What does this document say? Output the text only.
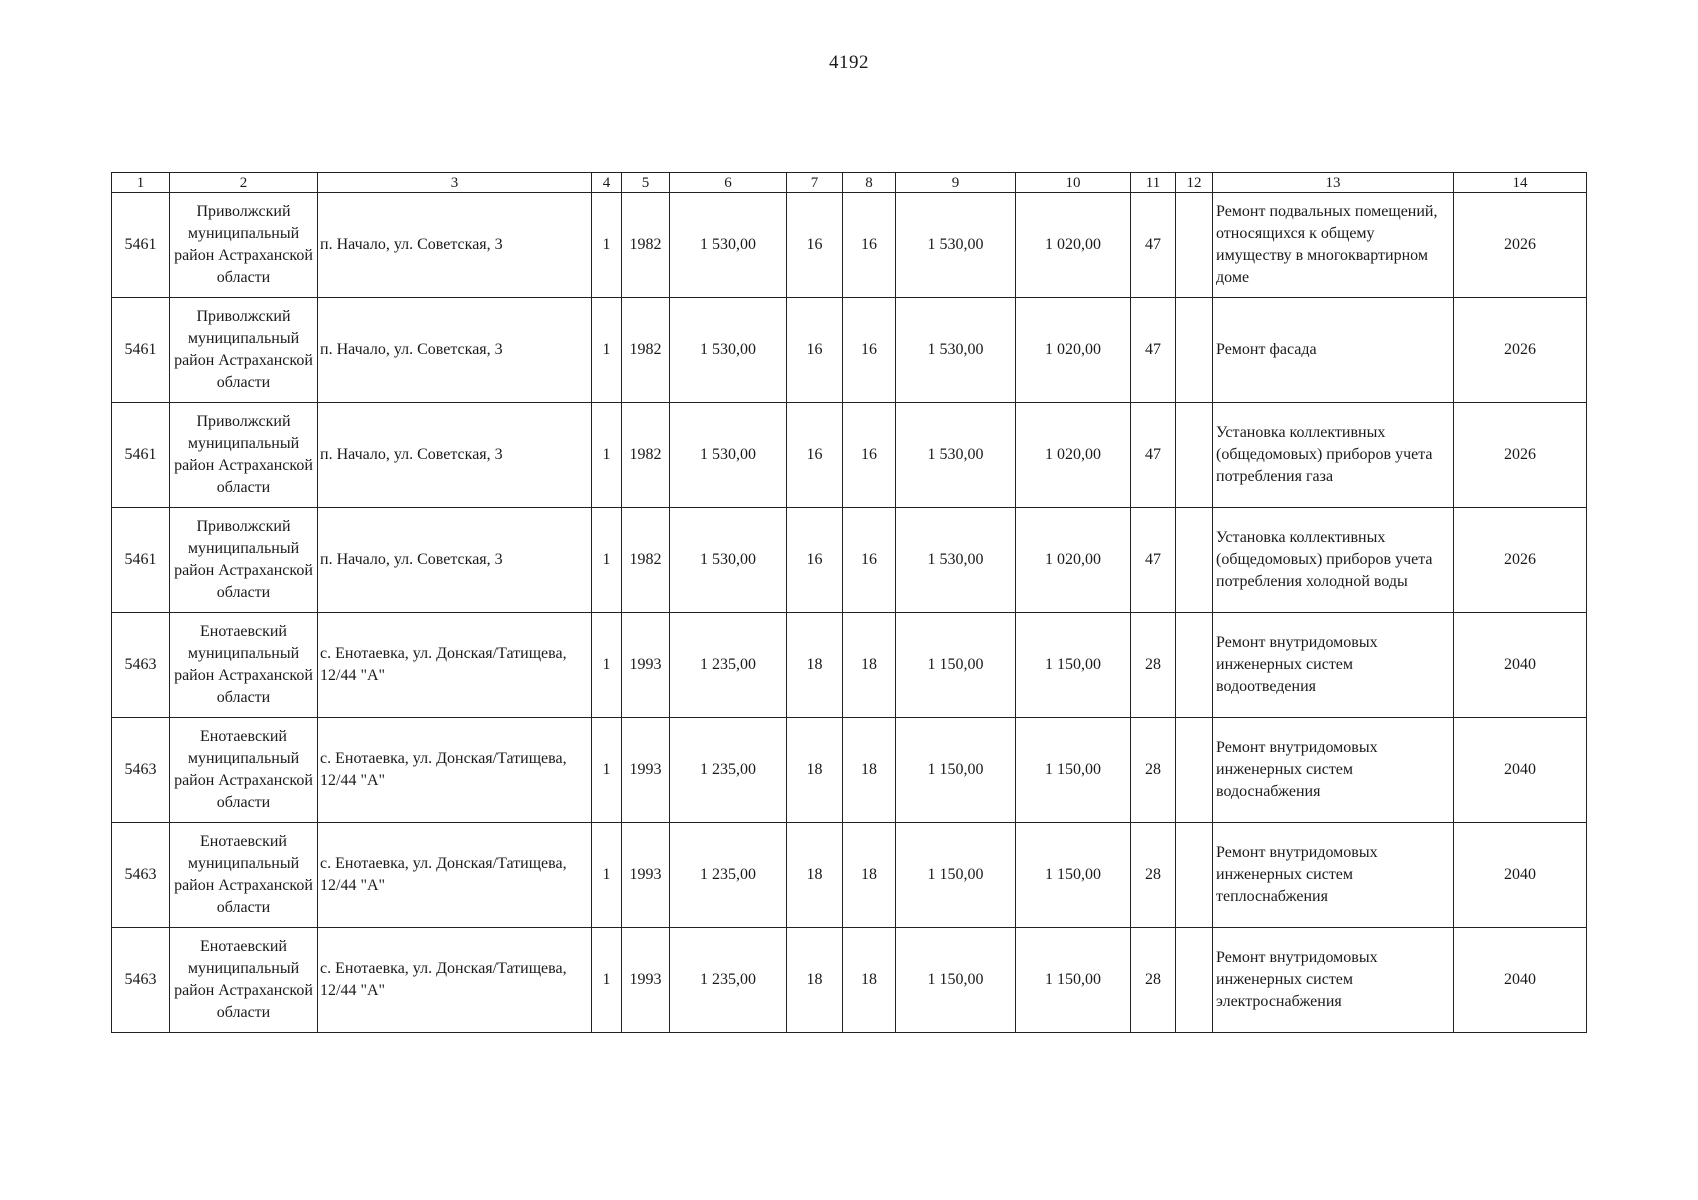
4192
1	2	3	4	5	6	7	8	9	10	11	12	13	14
5461	Приволжский муниципальный район Астраханской области	п. Начало, ул. Советская, 3	1	1982	1 530,00	16	16	1 530,00	1 020,00	47		Ремонт подвальных помещений, относящихся к общему имуществу в многоквартирном доме	2026
5461	Приволжский муниципальный район Астраханской области	п. Начало, ул. Советская, 3	1	1982	1 530,00	16	16	1 530,00	1 020,00	47		Ремонт фасада	2026
5461	Приволжский муниципальный район Астраханской области	п. Начало, ул. Советская, 3	1	1982	1 530,00	16	16	1 530,00	1 020,00	47		Установка коллективных (общедомовых) приборов учета потребления газа	2026
5461	Приволжский муниципальный район Астраханской области	п. Начало, ул. Советская, 3	1	1982	1 530,00	16	16	1 530,00	1 020,00	47		Установка коллективных (общедомовых) приборов учета потребления холодной воды	2026
5463	Енотаевский муниципальный район Астраханской области	с. Енотаевка, ул. Донская/Татищева, 12/44 "А"	1	1993	1 235,00	18	18	1 150,00	1 150,00	28		Ремонт внутридомовых инженерных систем водоотведения	2040
5463	Енотаевский муниципальный район Астраханской области	с. Енотаевка, ул. Донская/Татищева, 12/44 "А"	1	1993	1 235,00	18	18	1 150,00	1 150,00	28		Ремонт внутридомовых инженерных систем водоснабжения	2040
5463	Енотаевский муниципальный район Астраханской области	с. Енотаевка, ул. Донская/Татищева, 12/44 "А"	1	1993	1 235,00	18	18	1 150,00	1 150,00	28		Ремонт внутридомовых инженерных систем теплоснабжения	2040
5463	Енотаевский муниципальный район Астраханской области	с. Енотаевка, ул. Донская/Татищева, 12/44 "А"	1	1993	1 235,00	18	18	1 150,00	1 150,00	28		Ремонт внутридомовых инженерных систем электроснабжения	2040
